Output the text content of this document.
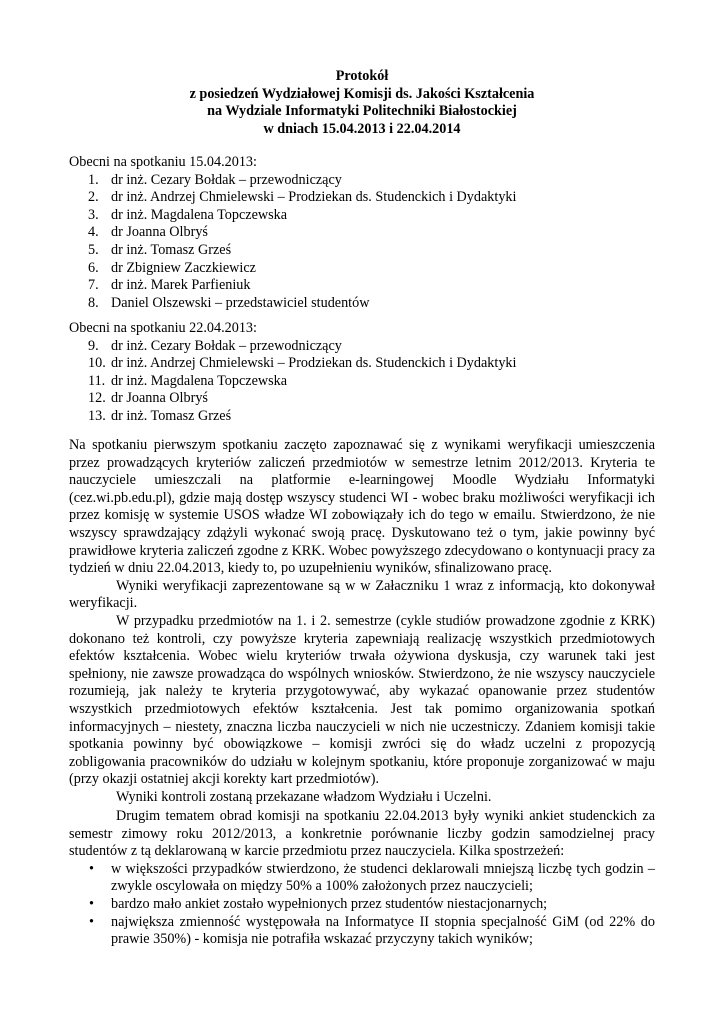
Protokół
z posiedzeń Wydziałowej Komisji ds. Jakości Kształcenia
na Wydziale Informatyki Politechniki Białostockiej
w dniach 15.04.2013 i 22.04.2014
Obecni na spotkaniu 15.04.2013:
1. dr inż. Cezary Bołdak – przewodniczący
2. dr inż. Andrzej Chmielewski – Prodziekan ds. Studenckich i Dydaktyki
3. dr inż. Magdalena Topczewska
4. dr Joanna Olbryś
5. dr inż. Tomasz Grześ
6. dr Zbigniew Zaczkiewicz
7. dr inż. Marek Parfieniuk
8. Daniel Olszewski – przedstawiciel studentów
Obecni na spotkaniu 22.04.2013:
9. dr inż. Cezary Bołdak – przewodniczący
10. dr inż. Andrzej Chmielewski – Prodziekan ds. Studenckich i Dydaktyki
11. dr inż. Magdalena Topczewska
12. dr Joanna Olbryś
13. dr inż. Tomasz Grześ

Na spotkaniu pierwszym spotkaniu zaczęto zapoznawać się z wynikami weryfikacji umieszczenia przez prowadzących kryteriów zaliczeń przedmiotów w semestrze letnim 2012/2013. Kryteria te nauczyciele umieszczali na platformie e-learningowej Moodle Wydziału Informatyki (cez.wi.pb.edu.pl), gdzie mają dostęp wszyscy studenci WI - wobec braku możliwości weryfikacji ich przez komisję w systemie USOS władze WI zobowiązały ich do tego w emailu. Stwierdzono, że nie wszyscy sprawdzający zdążyli wykonać swoją pracę. Dyskutowano też o tym, jakie powinny być prawidłowe kryteria zaliczeń zgodne z KRK. Wobec powyższego zdecydowano o kontynuacji pracy za tydzień w dniu 22.04.2013, kiedy to, po uzupełnieniu wyników, sfinalizowano pracę.

Wyniki weryfikacji zaprezentowane są w w Załaczniku 1 wraz z informacją, kto dokonywał weryfikacji.

W przypadku przedmiotów na 1. i 2. semestrze (cykle studiów prowadzone zgodnie z KRK) dokonano też kontroli, czy powyższe kryteria zapewniają realizację wszystkich przedmiotowych efektów kształcenia. Wobec wielu kryteriów trwała ożywiona dyskusja, czy warunek taki jest spełniony, nie zawsze prowadząca do wspólnych wniosków. Stwierdzono, że nie wszyscy nauczyciele rozumieją, jak należy te kryteria przygotowywać, aby wykazać opanowanie przez studentów wszystkich przedmiotowych efektów kształcenia. Jest tak pomimo organizowania spotkań informacyjnych – niestety, znaczna liczba nauczycieli w nich nie uczestniczy. Zdaniem komisji takie spotkania powinny być obowiązkowe – komisji zwróci się do władz uczelni z propozycją zobligowania pracowników do udziału w kolejnym spotkaniu, które proponuje zorganizować w maju (przy okazji ostatniej akcji korekty kart przedmiotów).

Wyniki kontroli zostaną przekazane władzom Wydziału i Uczelni.

Drugim tematem obrad komisji na spotkaniu 22.04.2013 były wyniki ankiet studenckich za semestr zimowy roku 2012/2013, a konkretnie porównanie liczby godzin samodzielnej pracy studentów z tą deklarowaną w karcie przedmiotu przez nauczyciela. Kilka spostrzeżeń:

• w większości przypadków stwierdzono, że studenci deklarowali mniejszą liczbę tych godzin – zwykle oscylowała on między 50% a 100% założonych przez nauczycieli;
• bardzo mało ankiet zostało wypełnionych przez studentów niestacjonarnych;
• największa zmienność występowała na Informatyce II stopnia specjalność GiM (od 22% do prawie 350%) - komisja nie potrafiła wskazać przyczyny takich wyników;
